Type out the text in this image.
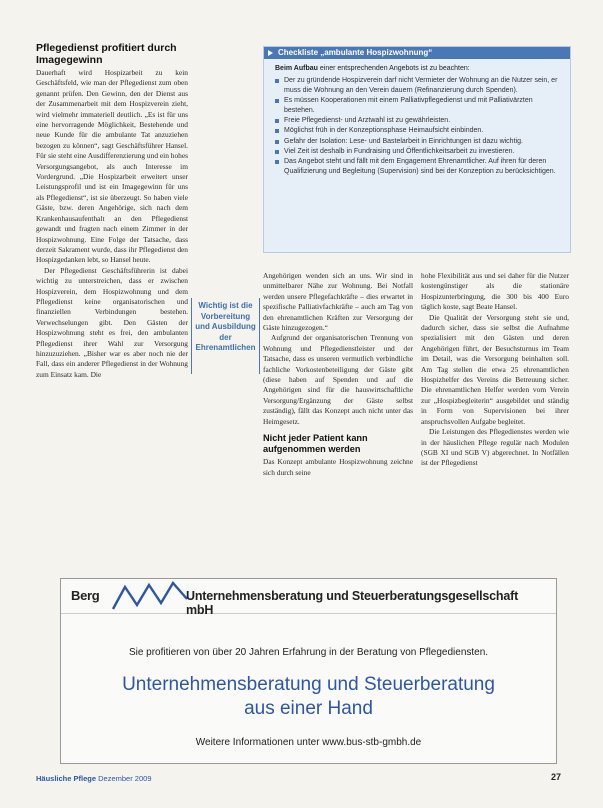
Pflegedienst profitiert durch Imagegewinn

Dauerhaft wird Hospizarbeit zu kein Geschäftsfeld, wie man der Pflegedienst zum oben genannt prüfen. Den Gewinn, den der Dienst aus der Zusammenarbeit mit dem Hospizverein zieht, wird vielmehr immateriell deutlich. „Es ist für uns eine hervorragende Möglichkeit, Bestehende und neue Kunde für die ambulante Tat anzuziehen bezogen zu können“, sagt Geschäftsführer Hansel. Für sie steht eine Ausdifferenzierung und ein hohes Versorgungsangebot, als auch Interesse im Vordergrund. „Die Hospizarbeit erweitert unser Leistungsprofil und ist ein Imagegewinn für uns als Pflegedienst“, ist sie überzeugt. So haben viele Gäste, bzw. deren Angehörige, sich nach dem Krankenhausaufenthalt an den Pflegedienst gewandt und fragten nach einem Zimmer in der Hospizwohnung. Eine Folge der Tatsache, dass derzeit Sakrament wurde, dass ihr Pflegedienst den Hospizgedanken lebt, so Hansel heute.

Der Pflegedienst Geschäftsführerin ist dabei wichtig zu unterstreichen, dass er zwischen Hospizverein, dem Hospizwohnung und dem Pflegedienst keine organisatorischen und finanziellen Verbindungen bestehen. Verwechselungen gibt. Den Gästen der Hospizwohnung steht es frei, den ambulanten Pflegedienst ihrer Wahl zur Versorgung hinzuzuziehen. „Bisher war es aber noch nie der Fall, dass ein anderer Pflegedienst in der Wohnung zum Einsatz kam. Die

Checkliste „ambulante Hospizwohnung“

Beim Aufbau einer entsprechenden Angebots ist zu beachten:

Der zu gründende Hospizverein darf nicht Vermieter der Wohnung an die Nutzer sein, er muss die Wohnung an den Verein dauern (Refinanzierung durch Spenden).
Es müssen Kooperationen mit einem Palliativpflegedienst und mit Palliativärzten bestehen.
Freie Pflegedienst- und Arztwahl ist zu gewährleisten.
Möglichst früh in der Konzeptionsphase Heimaufsicht einbinden.
Gefahr der Isolation: Lese- und Bastelarbeit in Einrichtungen ist dazu wichtig.
Viel Zeit ist deshalb in Fundraising und Öffentlichkeitsarbeit zu investieren.
Das Angebot steht und fällt mit dem Engagement Ehrenamtlicher. Auf ihren für deren Qualifizierung und Begleitung (Supervision) sind bei der Konzeption zu berücksichtigen.

Wichtig ist die Vorbereitung und Ausbildung der Ehrenamtlichen

Angehörigen wenden sich an uns. Wir sind in unmittelbarer Nähe zur Wohnung. Bei Notfall werden unsere Pflegefachkräfte – dies erwartet in spezifische Palliativfachkräfte – auch am Tag von den ehrenamtlichen Kräften zur Versorgung der Gäste hinzugezogen.“

Aufgrund der organisatorischen Trennung von Wohnung und Pflegedienstleister und der Tatsache, dass es unseren vermutlich verbindliche fachliche Vorkostenbeteiligung der Gäste gibt (diese haben auf Spenden und auf die Angehörigen sind für die hauswirtschaftliche Versorgung/Ergänzung der Gäste selbst zuständig), fällt das Konzept auch nicht unter das Heimgesetz.

Nicht jeder Patient kann aufgenommen werden

Das Konzept ambulante Hospizwohnung zeichne sich durch seine

hohe Flexibilität aus und sei daher für die Nutzer kostengünstiger als die stationäre Hospizunterbringung, die 300 bis 400 Euro täglich koste, sagt Beate Hansel.

Die Qualität der Versorgung steht sie und, dadurch sicher, dass sie selbst die Aufnahme spezialisiert mit den Gästen und deren Angehörigen führt, der Besuchsturnus im Team im Detail, was die Versorgung beinhalten soll. Am Tag stellen die etwa 25 ehrenamtlichen Hospizhelfer des Vereins die Betreuung sicher. Die ehrenamtlichen Helfer werden vom Verein zur „Hospizbegleiterin“ ausgebildet und ständig in Form von Supervisionen bei ihrer anspruchsvollen Aufgabe begleitet.

Die Leistungen des Pflegedienstes werden wie in der häuslichen Pflege regulär nach Modulen (SGB XI und SGB V) abgerechnet. In Notfällen ist der Pflegedienst

Berg	Unternehmensberatung und Steuerberatungsgesellschaft mbH
Sie profitieren von über 20 Jahren Erfahrung in der Beratung von Pflegediensten.
Unternehmensberatung und Steuerberatung
aus einer Hand
Weitere Informationen unter www.bus-stb-gmbh.de
Häusliche Pflege Dezember 2009	27
